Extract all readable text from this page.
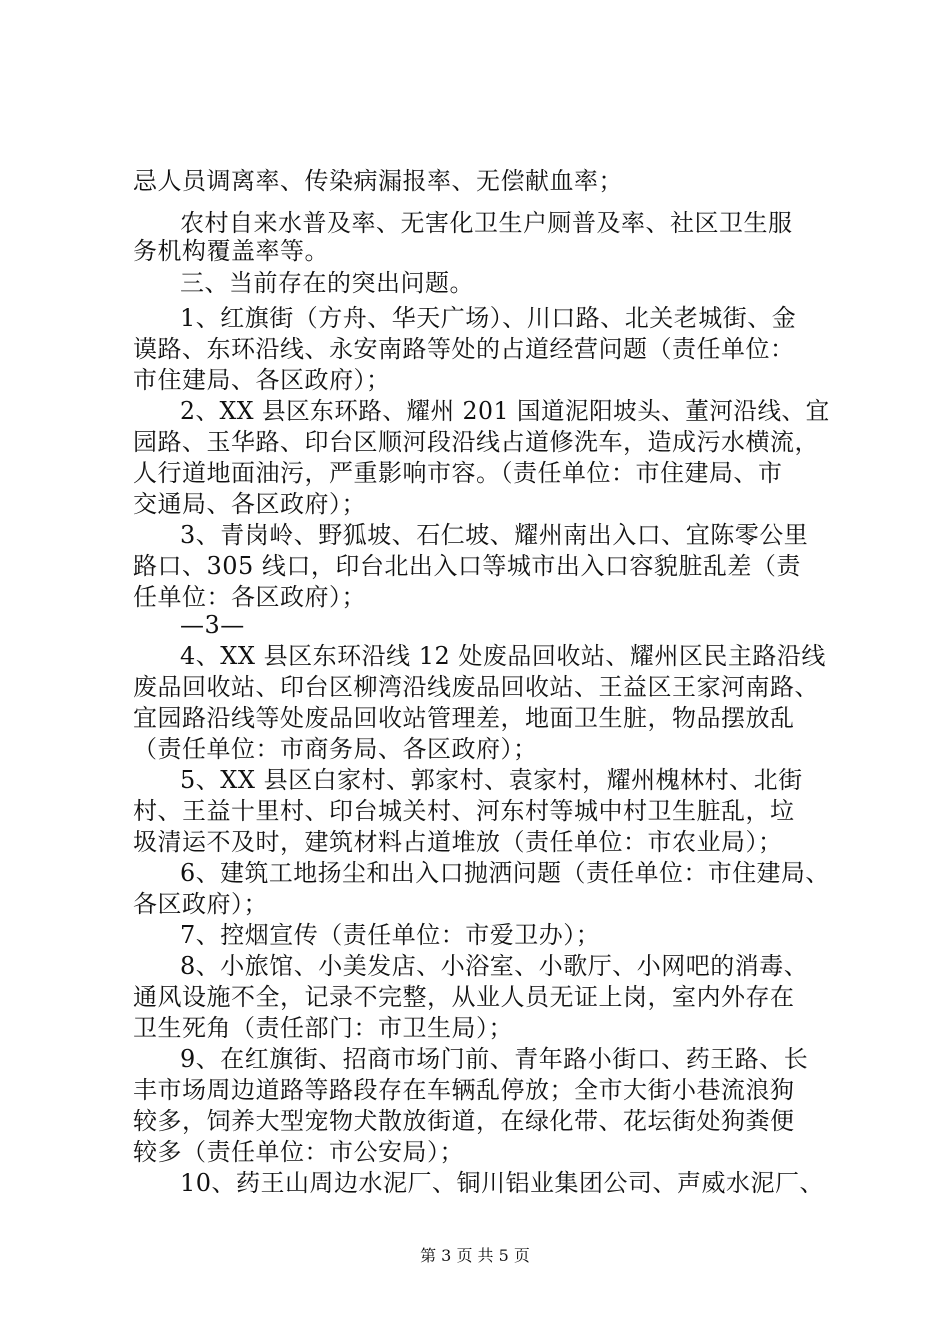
忌人员调离率、传染病漏报率、无偿献血率；

农村自来水普及率、无害化卫生户厕普及率、社区卫生服

务机构覆盖率等。

三、当前存在的突出问题。

1、红旗街（方舟、华天广场）、川口路、北关老城街、金

谟路、东环沿线、永安南路等处的占道经营问题（责任单位：

市住建局、各区政府）；

2、XX 县区东环路、耀州 201 国道泥阳坡头、董河沿线、宜

园路、玉华路、印台区顺河段沿线占道修洗车，造成污水横流，

人行道地面油污，严重影响市容。（责任单位：市住建局、市

交通局、各区政府）；

3、青岗岭、野狐坡、石仁坡、耀州南出入口、宜陈零公里

路口、305 线口，印台北出入口等城市出入口容貌脏乱差（责

任单位：各区政府）；

—3—

4、XX 县区东环沿线 12 处废品回收站、耀州区民主路沿线

废品回收站、印台区柳湾沿线废品回收站、王益区王家河南路、

宜园路沿线等处废品回收站管理差，地面卫生脏，物品摆放乱

（责任单位：市商务局、各区政府）；

5、XX 县区白家村、郭家村、袁家村，耀州槐林村、北街

村、王益十里村、印台城关村、河东村等城中村卫生脏乱，垃

圾清运不及时，建筑材料占道堆放（责任单位：市农业局）；

6、建筑工地扬尘和出入口抛洒问题（责任单位：市住建局、

各区政府）；

7、控烟宣传（责任单位：市爱卫办）；

8、小旅馆、小美发店、小浴室、小歌厅、小网吧的消毒、

通风设施不全，记录不完整，从业人员无证上岗，室内外存在

卫生死角（责任部门：市卫生局）；

9、在红旗街、招商市场门前、青年路小街口、药王路、长

丰市场周边道路等路段存在车辆乱停放；全市大街小巷流浪狗

较多，饲养大型宠物犬散放街道，在绿化带、花坛街处狗粪便

较多（责任单位：市公安局）；

10、药王山周边水泥厂、铜川铝业集团公司、声威水泥厂、

第 3 页 共 5 页
